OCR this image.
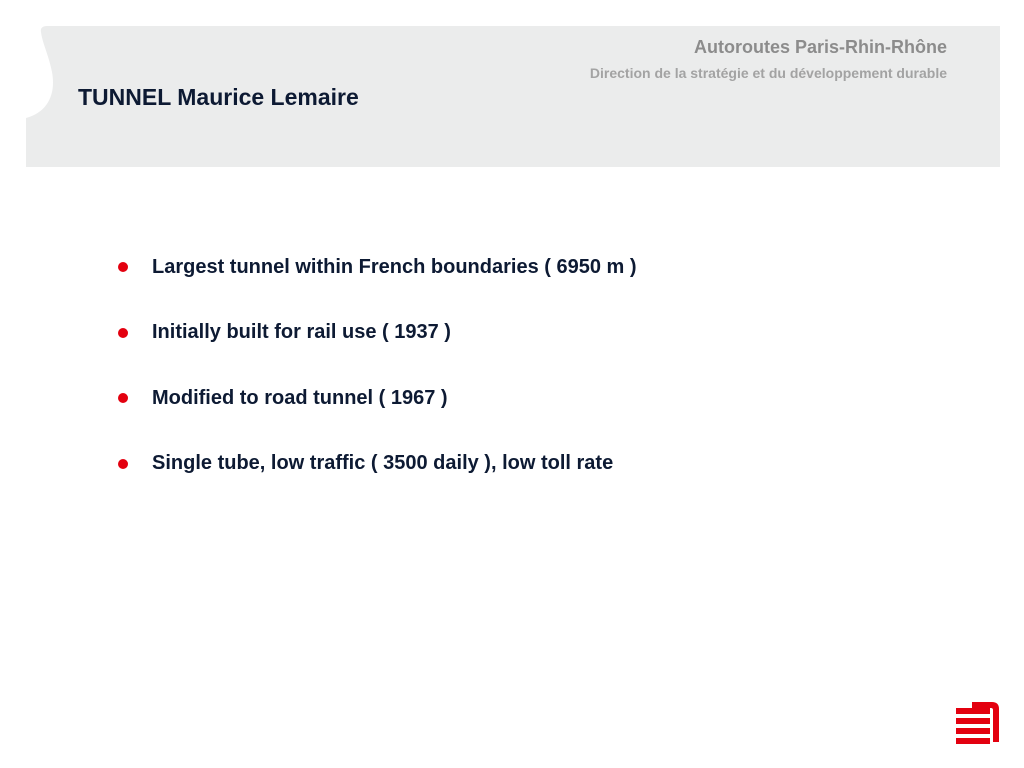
Autoroutes Paris-Rhin-Rhône
Direction de la stratégie et du développement durable
TUNNEL Maurice Lemaire
Largest tunnel within French boundaries ( 6950 m )
Initially built for rail use ( 1937 )
Modified to road tunnel ( 1967 )
Single tube, low traffic ( 3500 daily ), low toll rate
